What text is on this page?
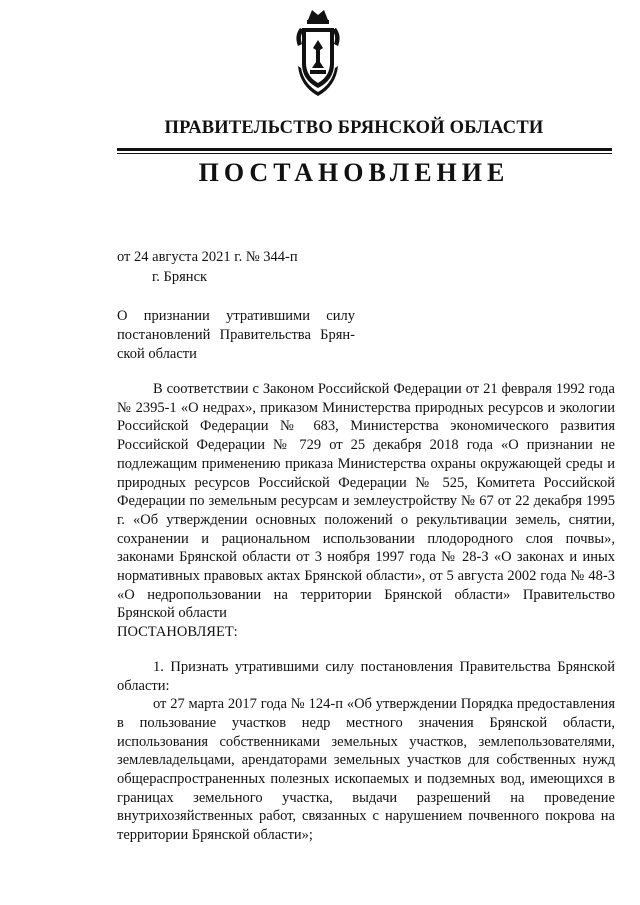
ПРАВИТЕЛЬСТВО БРЯНСКОЙ ОБЛАСТИ
ПОСТАНОВЛЕНИЕ
от 24 августа 2021 г. № 344-п
г. Брянск
О признании утратившими силу постановлений Правительства Брянской области

В соответствии с Законом Российской Федерации от 21 февраля 1992 года № 2395-1 «О недрах», приказом Министерства природных ресурсов и экологии Российской Федерации № 683, Министерства экономического развития Российской Федерации № 729 от 25 декабря 2018 года «О признании не подлежащим применению приказа Министерства охраны окружающей среды и природных ресурсов Российской Федерации № 525, Комитета Российской Федерации по земельным ресурсам и землеустройству № 67 от 22 декабря 1995 г. «Об утверждении основных положений о рекультивации земель, снятии, сохранении и рациональном использовании плодородного слоя почвы», законами Брянской области от 3 ноября 1997 года № 28-З «О законах и иных нормативных правовых актах Брянской области», от 5 августа 2002 года № 48-З «О недропользовании на территории Брянской области» Правительство Брянской области

ПОСТАНОВЛЯЕТ:

1. Признать утратившими силу постановления Правительства Брянской области:

от 27 марта 2017 года № 124-п «Об утверждении Порядка предоставления в пользование участков недр местного значения Брянской области, использования собственниками земельных участков, землепользователями, землевладельцами, арендаторами земельных участков для собственных нужд общераспространенных полезных ископаемых и подземных вод, имеющихся в границах земельного участка, выдачи разрешений на проведение внутрихозяйственных работ, связанных с нарушением почвенного покрова на территории Брянской области»;
